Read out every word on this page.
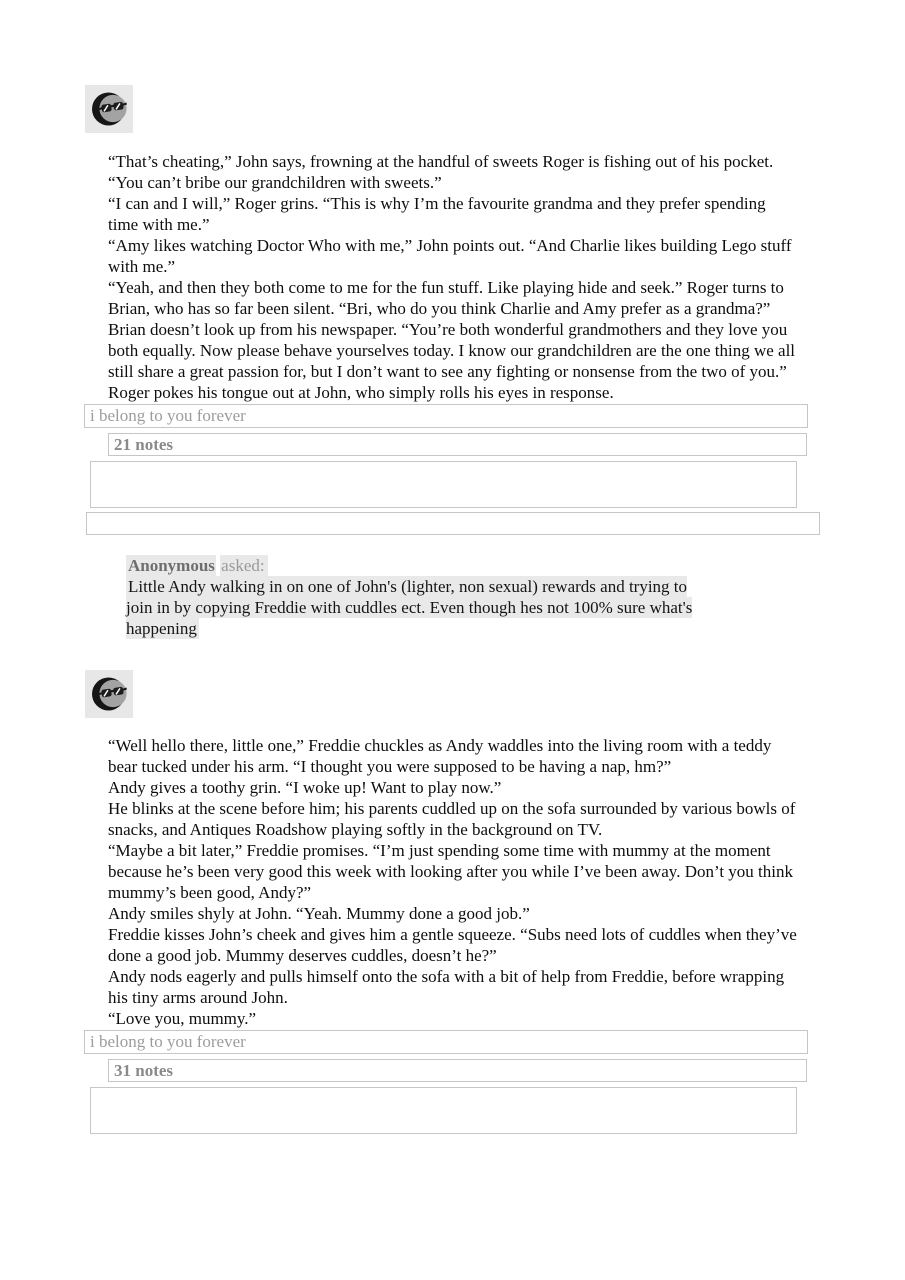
“That’s cheating,” John says, frowning at the handful of sweets Roger is fishing out of his pocket. “You can’t bribe our grandchildren with sweets.”

“I can and I will,” Roger grins. “This is why I’m the favourite grandma and they prefer spending time with me.”

“Amy likes watching Doctor Who with me,” John points out. “And Charlie likes building Lego stuff with me.”

“Yeah, and then they both come to me for the fun stuff. Like playing hide and seek.” Roger turns to Brian, who has so far been silent. “Bri, who do you think Charlie and Amy prefer as a grandma?”

Brian doesn’t look up from his newspaper. “You’re both wonderful grandmothers and they love you both equally. Now please behave yourselves today. I know our grandchildren are the one thing we all still share a great passion for, but I don’t want to see any fighting or nonsense from the two of you.”

Roger pokes his tongue out at John, who simply rolls his eyes in response.

i belong to you forever
21 notes
Anonymous asked:
Little Andy walking in on one of John's (lighter, non sexual) rewards and trying to join in by copying Freddie with cuddles ect. Even though hes not 100% sure what's happening

“Well hello there, little one,” Freddie chuckles as Andy waddles into the living room with a teddy bear tucked under his arm. “I thought you were supposed to be having a nap, hm?”

Andy gives a toothy grin. “I woke up! Want to play now.”

He blinks at the scene before him; his parents cuddled up on the sofa surrounded by various bowls of snacks, and Antiques Roadshow playing softly in the background on TV.

“Maybe a bit later,” Freddie promises. “I’m just spending some time with mummy at the moment because he’s been very good this week with looking after you while I’ve been away. Don’t you think mummy’s been good, Andy?”

Andy smiles shyly at John. “Yeah. Mummy done a good job.”

Freddie kisses John’s cheek and gives him a gentle squeeze. “Subs need lots of cuddles when they’ve done a good job. Mummy deserves cuddles, doesn’t he?”

Andy nods eagerly and pulls himself onto the sofa with a bit of help from Freddie, before wrapping his tiny arms around John.

“Love you, mummy.”

i belong to you forever
31 notes
